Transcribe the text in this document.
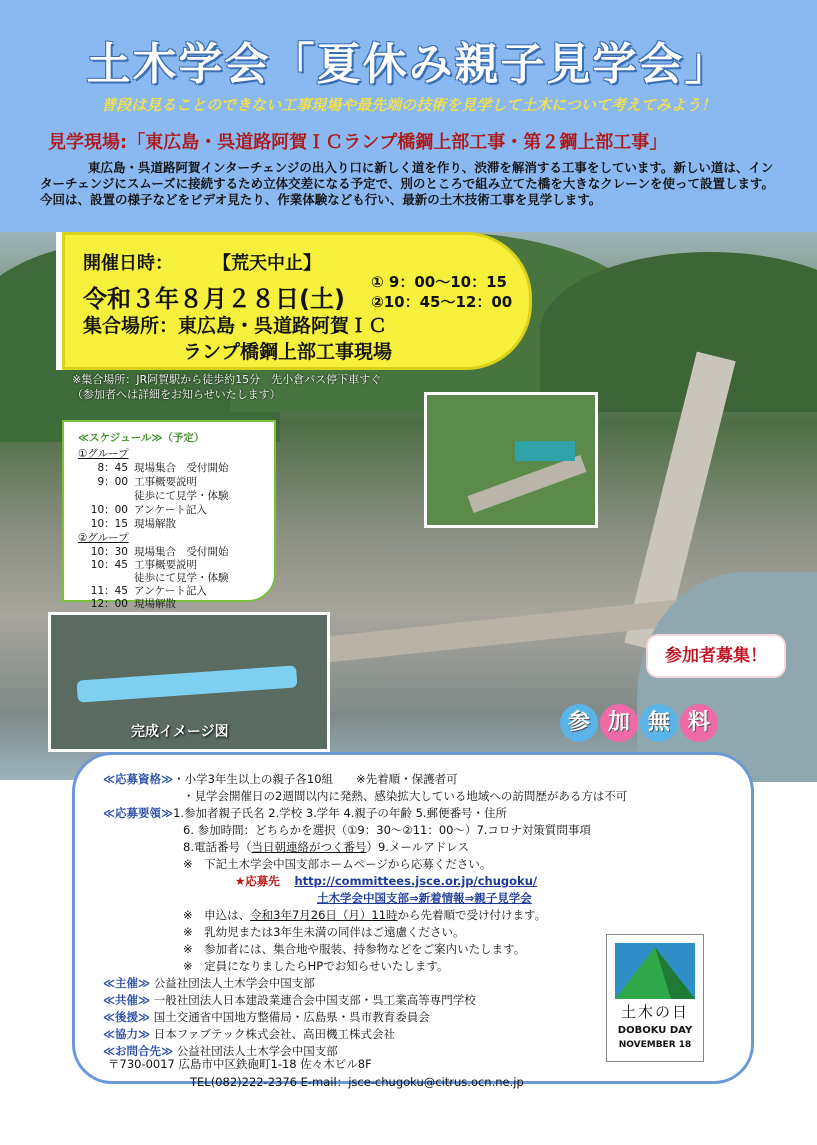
土木学会「夏休み親子見学会」
普段は見ることのできない工事現場や最先端の技術を見学して土木について考えてみよう！
見学現場:「東広島・呉道路阿賀ＩＣランプ橋鋼上部工事・第２鋼上部工事」
東広島・呉道路阿賀インターチェンジの出入り口に新しく道を作り、渋滞を解消する工事をしています。新しい道は、インターチェンジにスムーズに接続するため立体交差になる予定で、別のところで組み立てた橋を大きなクレーンを使って設置します。今回は、設置の様子などをビデオ見たり、作業体験なども行い、最新の土木技術工事を見学します。
開催日時： 【荒天中止】
令和３年８月２８日(土)
① 9：00～10：15
②10：45～12：00
集合場所：東広島・呉道路阿賀ＩＣ
ランプ橋鋼上部工事現場
※集合場所：JR阿賀駅から徒歩約15分　先小倉バス停下車すぐ
（参加者へは詳細をお知らせいたします）
≪スケジュール≫（予定）
①グループ
8：45 現場集合　受付開始
9：00 工事概要説明
徒歩にて見学・体験
10：00 アンケート記入
10：15 現場解散
②グループ
10：30 現場集合　受付開始
10：45 工事概要説明
徒歩にて見学・体験
11：45 アンケート記入
12：00 現場解散
完成イメージ図
参加者募集！
参 加 無 料
≪応募資格≫・小学3年生以上の親子各10組　　※先着順・保護者可
・見学会開催日の2週間以内に発熱、感染拡大している地域への訪問歴がある方は不可
≪応募要領≫1.参加者親子氏名 2.学校 3.学年 4.親子の年齢 5.郵便番号・住所
6. 参加時間：どちらかを選択（①9：30～②11：00～）7.コロナ対策質問事項
8.電話番号（当日朝連絡がつく番号）9.メールアドレス
※　下記土木学会中国支部ホームページから応募ください。
★応募先 http://committees.jsce.or.jp/chugoku/
土木学会中国支部⇒新着情報⇒親子見学会
※　申込は、令和3年7月26日（月）11時から先着順で受け付けます。
※　乳幼児または3年生未満の同伴はご遠慮ください。
※　参加者には、集合地や服装、持参物などをご案内いたします。
※　定員になりましたらHPでお知らせいたします。
≪主催≫ 公益社団法人土木学会中国支部
≪共催≫ 一般社団法人日本建設業連合会中国支部・呉工業高等専門学校
≪後援≫ 国土交通省中国地方整備局・広島県・呉市教育委員会
≪協力≫ 日本ファブテック株式会社、高田機工株式会社
≪お問合先≫ 公益社団法人土木学会中国支部
〒730-0017 広島市中区鉄砲町1-18 佐々木ビル8F
TEL(082)222-2376 E-mail：jsce-chugoku@citrus.ocn.ne.jp
土木の日
DOBOKU DAY
NOVEMBER 18
